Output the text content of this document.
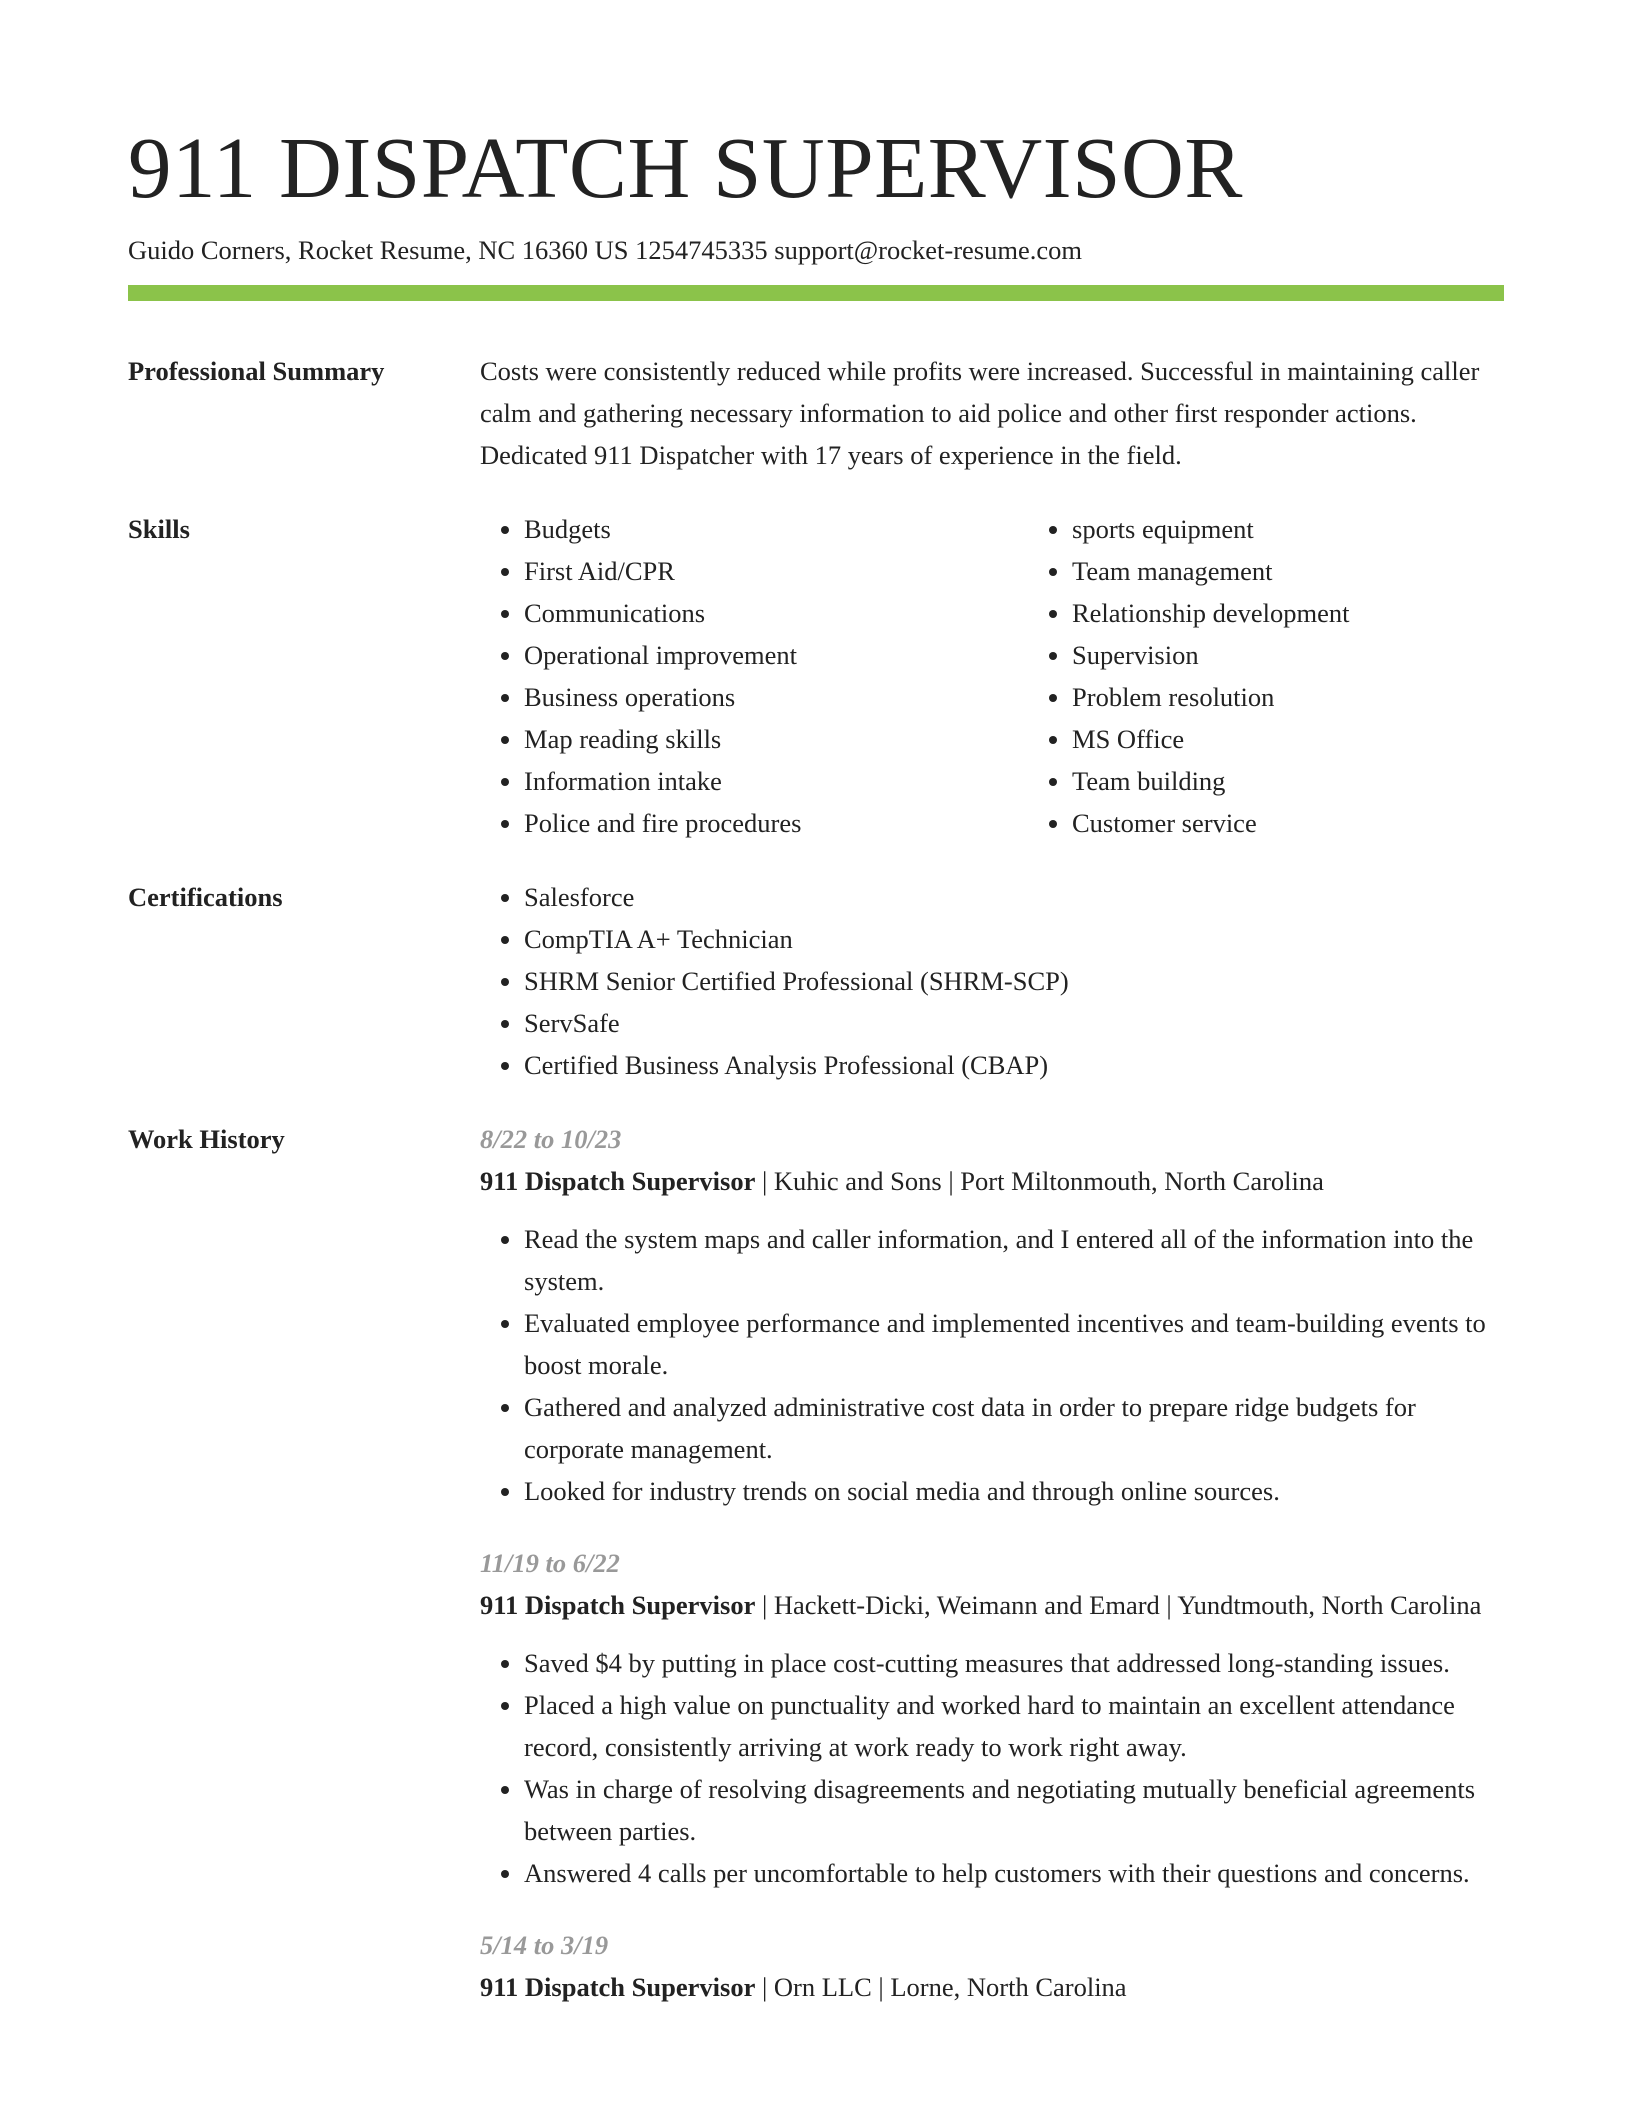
911 DISPATCH SUPERVISOR
Guido Corners, Rocket Resume, NC 16360 US 1254745335 support@rocket-resume.com
Professional Summary	Costs were consistently reduced while profits were increased. Successful in maintaining caller calm and gathering necessary information to aid police and other first responder actions. Dedicated 911 Dispatcher with 17 years of experience in the field.

Skills	• Budgets
• First Aid/CPR
• Communications
• Operational improvement
• Business operations
• Map reading skills
• Information intake
• Police and fire procedures
• sports equipment
• Team management
• Relationship development
• Supervision
• Problem resolution
• MS Office
• Team building
• Customer service
Certifications	• Salesforce
• CompTIA A+ Technician
• SHRM Senior Certified Professional (SHRM-SCP)
• ServSafe
• Certified Business Analysis Professional (CBAP)
Work History	8/22 to 10/23
911 Dispatch Supervisor | Kuhic and Sons | Port Miltonmouth, North Carolina
• Read the system maps and caller information, and I entered all of the information into the system.
• Evaluated employee performance and implemented incentives and team-building events to boost morale.
• Gathered and analyzed administrative cost data in order to prepare ridge budgets for corporate management.
• Looked for industry trends on social media and through online sources.
11/19 to 6/22
911 Dispatch Supervisor | Hackett-Dicki, Weimann and Emard | Yundtmouth, North Carolina
• Saved $4 by putting in place cost-cutting measures that addressed long-standing issues.
• Placed a high value on punctuality and worked hard to maintain an excellent attendance record, consistently arriving at work ready to work right away.
• Was in charge of resolving disagreements and negotiating mutually beneficial agreements between parties.
• Answered 4 calls per uncomfortable to help customers with their questions and concerns.
5/14 to 3/19
911 Dispatch Supervisor | Orn LLC | Lorne, North Carolina
